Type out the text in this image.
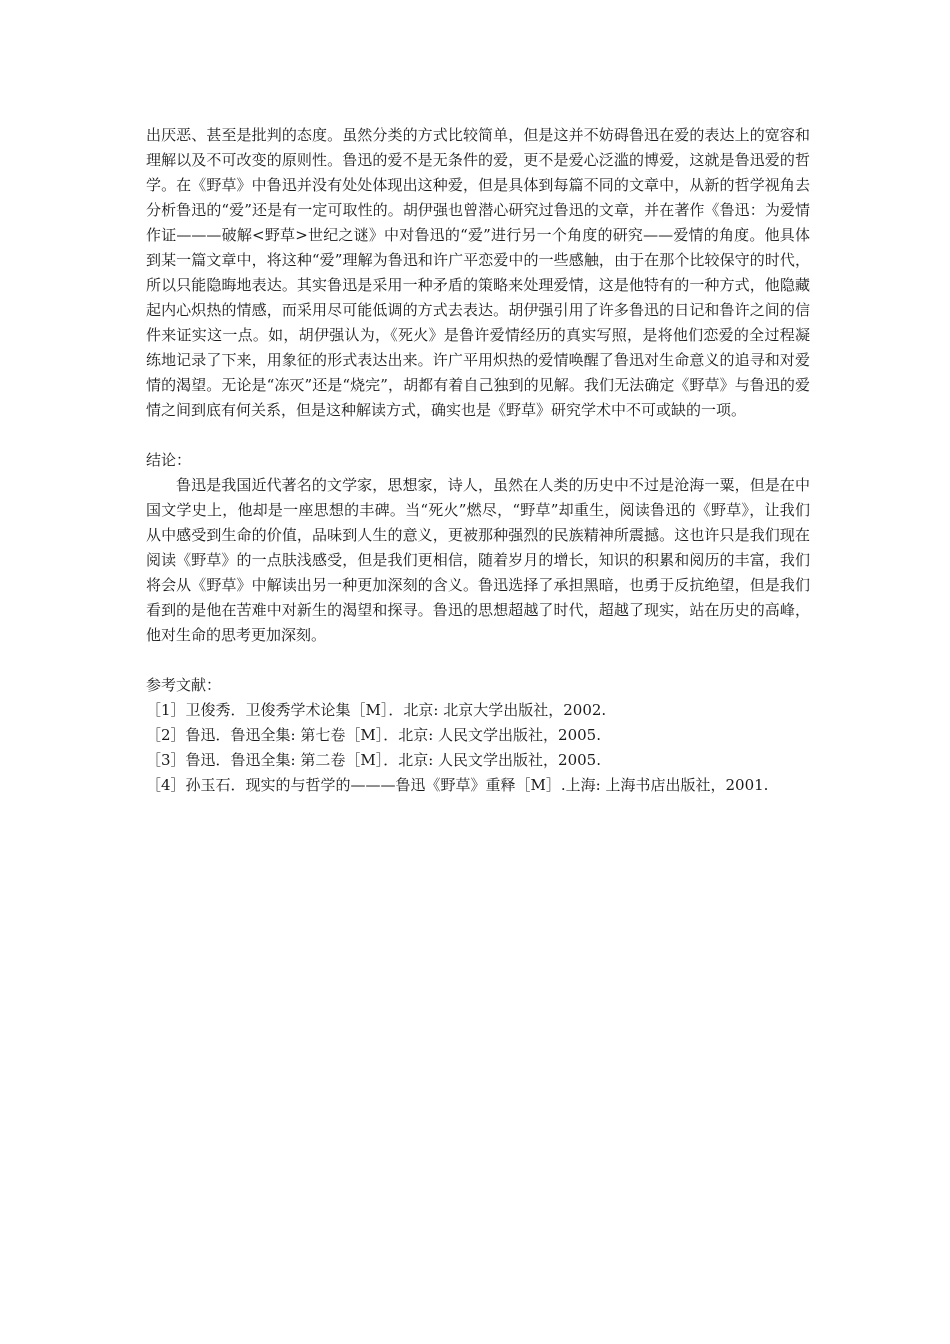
出厌恶、甚至是批判的态度。虽然分类的方式比较简单，但是这并不妨碍鲁迅在爱的表达上的宽容和理解以及不可改变的原则性。鲁迅的爱不是无条件的爱，更不是爱心泛滥的博爱，这就是鲁迅爱的哲学。在《野草》中鲁迅并没有处处体现出这种爱，但是具体到每篇不同的文章中，从新的哲学视角去分析鲁迅的“爱”还是有一定可取性的。胡伊强也曾潜心研究过鲁迅的文章，并在著作《鲁迅：为爱情作证———破解<野草>世纪之谜》中对鲁迅的“爱”进行另一个角度的研究——爱情的角度。他具体到某一篇文章中，将这种“爱”理解为鲁迅和许广平恋爱中的一些感触，由于在那个比较保守的时代，所以只能隐晦地表达。其实鲁迅是采用一种矛盾的策略来处理爱情，这是他特有的一种方式，他隐藏起内心炽热的情感，而采用尽可能低调的方式去表达。胡伊强引用了许多鲁迅的日记和鲁许之间的信件来证实这一点。如，胡伊强认为，《死火》是鲁许爱情经历的真实写照，是将他们恋爱的全过程凝练地记录了下来，用象征的形式表达出来。许广平用炽热的爱情唤醒了鲁迅对生命意义的追寻和对爱情的渴望。无论是“冻灭”还是“烧完”，胡都有着自己独到的见解。我们无法确定《野草》与鲁迅的爱情之间到底有何关系，但是这种解读方式，确实也是《野草》研究学术中不可或缺的一项。

结论：

鲁迅是我国近代著名的文学家，思想家，诗人，虽然在人类的历史中不过是沧海一粟，但是在中国文学史上，他却是一座思想的丰碑。当“死火”燃尽，“野草”却重生，阅读鲁迅的《野草》，让我们从中感受到生命的价值，品味到人生的意义，更被那种强烈的民族精神所震撼。这也许只是我们现在阅读《野草》的一点肤浅感受，但是我们更相信，随着岁月的增长，知识的积累和阅历的丰富，我们将会从《野草》中解读出另一种更加深刻的含义。鲁迅选择了承担黑暗，也勇于反抗绝望，但是我们看到的是他在苦难中对新生的渴望和探寻。鲁迅的思想超越了时代，超越了现实，站在历史的高峰，他对生命的思考更加深刻。

参考文献：

［1］卫俊秀．卫俊秀学术论集［M］．北京: 北京大学出版社，2002.
［2］鲁迅．鲁迅全集: 第七卷［M］．北京: 人民文学出版社，2005.
［3］鲁迅．鲁迅全集: 第二卷［M］．北京: 人民文学出版社，2005.
［4］孙玉石．现实的与哲学的———鲁迅《野草》重释［M］.上海: 上海书店出版社，2001.
